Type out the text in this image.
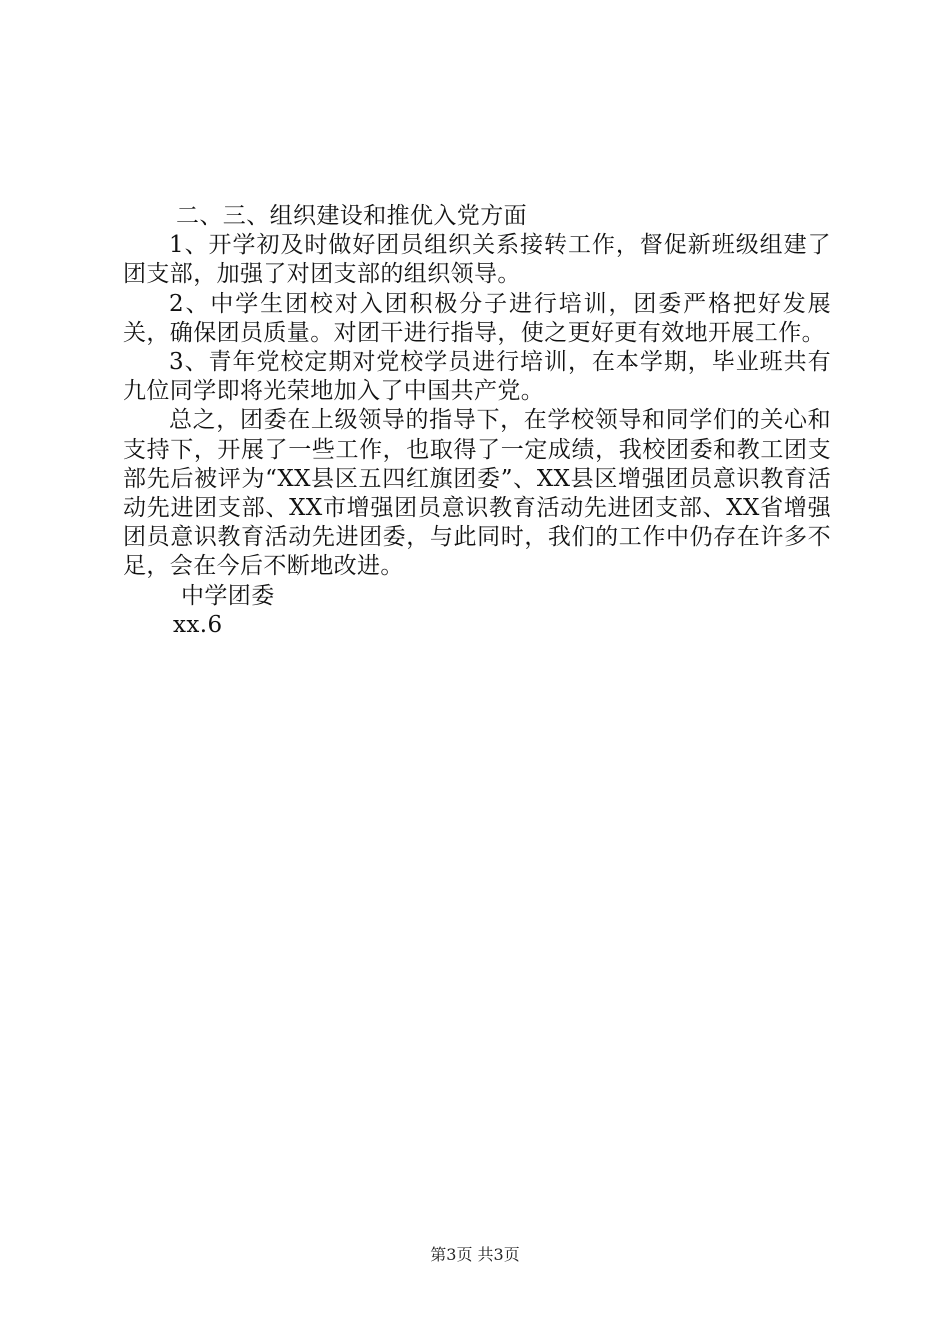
二、三、组织建设和推优入党方面

1、开学初及时做好团员组织关系接转工作，督促新班级组建了团支部，加强了对团支部的组织领导。

2、中学生团校对入团积极分子进行培训，团委严格把好发展关，确保团员质量。对团干进行指导，使之更好更有效地开展工作。

3、青年党校定期对党校学员进行培训，在本学期，毕业班共有九位同学即将光荣地加入了中国共产党。

总之，团委在上级领导的指导下，在学校领导和同学们的关心和支持下，开展了一些工作，也取得了一定成绩，我校团委和教工团支部先后被评为“XX县区五四红旗团委”、XX县区增强团员意识教育活动先进团支部、XX市增强团员意识教育活动先进团支部、XX省增强团员意识教育活动先进团委，与此同时，我们的工作中仍存在许多不足，会在今后不断地改进。

中学团委

xx.6

第3页 共3页
